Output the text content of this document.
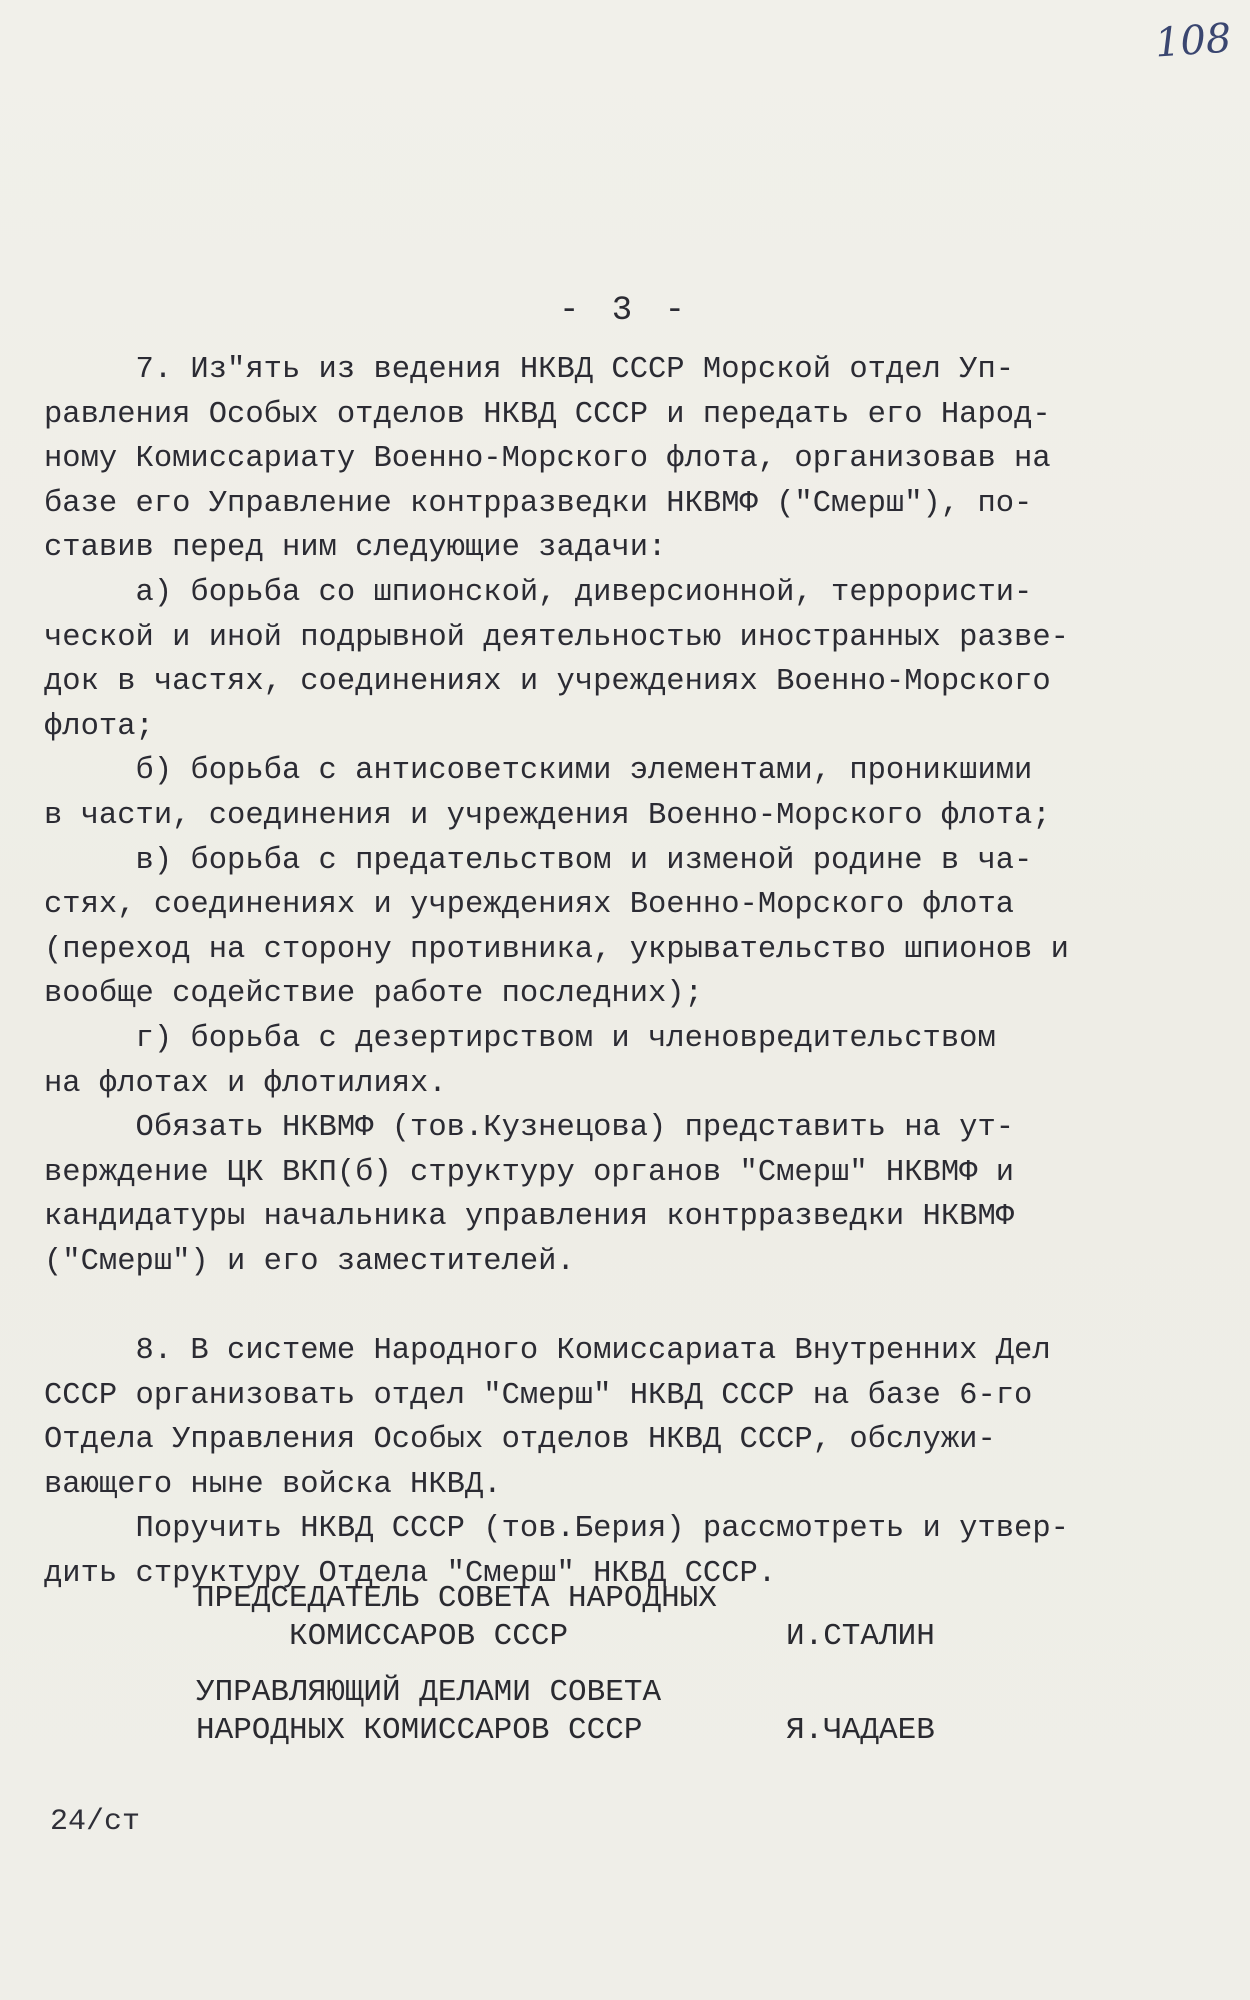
108
- 3 -
7. Из"ять из ведения НКВД СССР Морской отдел Уп-
равления Особых отделов НКВД СССР и передать его Народ-
ному Комиссариату Военно-Морского флота, организовав на
базе его Управление контрразведки НКВМФ ("Смерш"), по-
ставив перед ним следующие задачи:
а) борьба со шпионской, диверсионной, террористи-
ческой и иной подрывной деятельностью иностранных разве-
док в частях, соединениях и учреждениях Военно-Морского
флота;
б) борьба с антисоветскими элементами, проникшими
в части, соединения и учреждения Военно-Морского флота;
в) борьба с предательством и изменой родине в ча-
стях, соединениях и учреждениях Военно-Морского флота
(переход на сторону противника, укрывательство шпионов и
вообще содействие работе последних);
г) борьба с дезертирством и членовредительством
на флотах и флотилиях.
Обязать НКВМФ (тов.Кузнецова) представить на ут-
верждение ЦК ВКП(б) структуру органов "Смерш" НКВМФ и
кандидатуры начальника управления контрразведки НКВМФ
("Смерш") и его заместителей.
8. В системе Народного Комиссариата Внутренних Дел
СССР организовать отдел "Смерш" НКВД СССР на базе 6-го
Отдела Управления Особых отделов НКВД СССР, обслужи-
вающего ныне войска НКВД.
Поручить НКВД СССР (тов.Берия) рассмотреть и утвер-
дить структуру Отдела "Смерш" НКВД СССР.
ПРЕДСЕДАТЕЛЬ СОВЕТА НАРОДНЫХ
КОМИССАРОВ СССР	И.СТАЛИН
УПРАВЛЯЮЩИЙ ДЕЛАМИ СОВЕТА
НАРОДНЫХ КОМИССАРОВ СССР	Я.ЧАДАЕВ
24/ст
